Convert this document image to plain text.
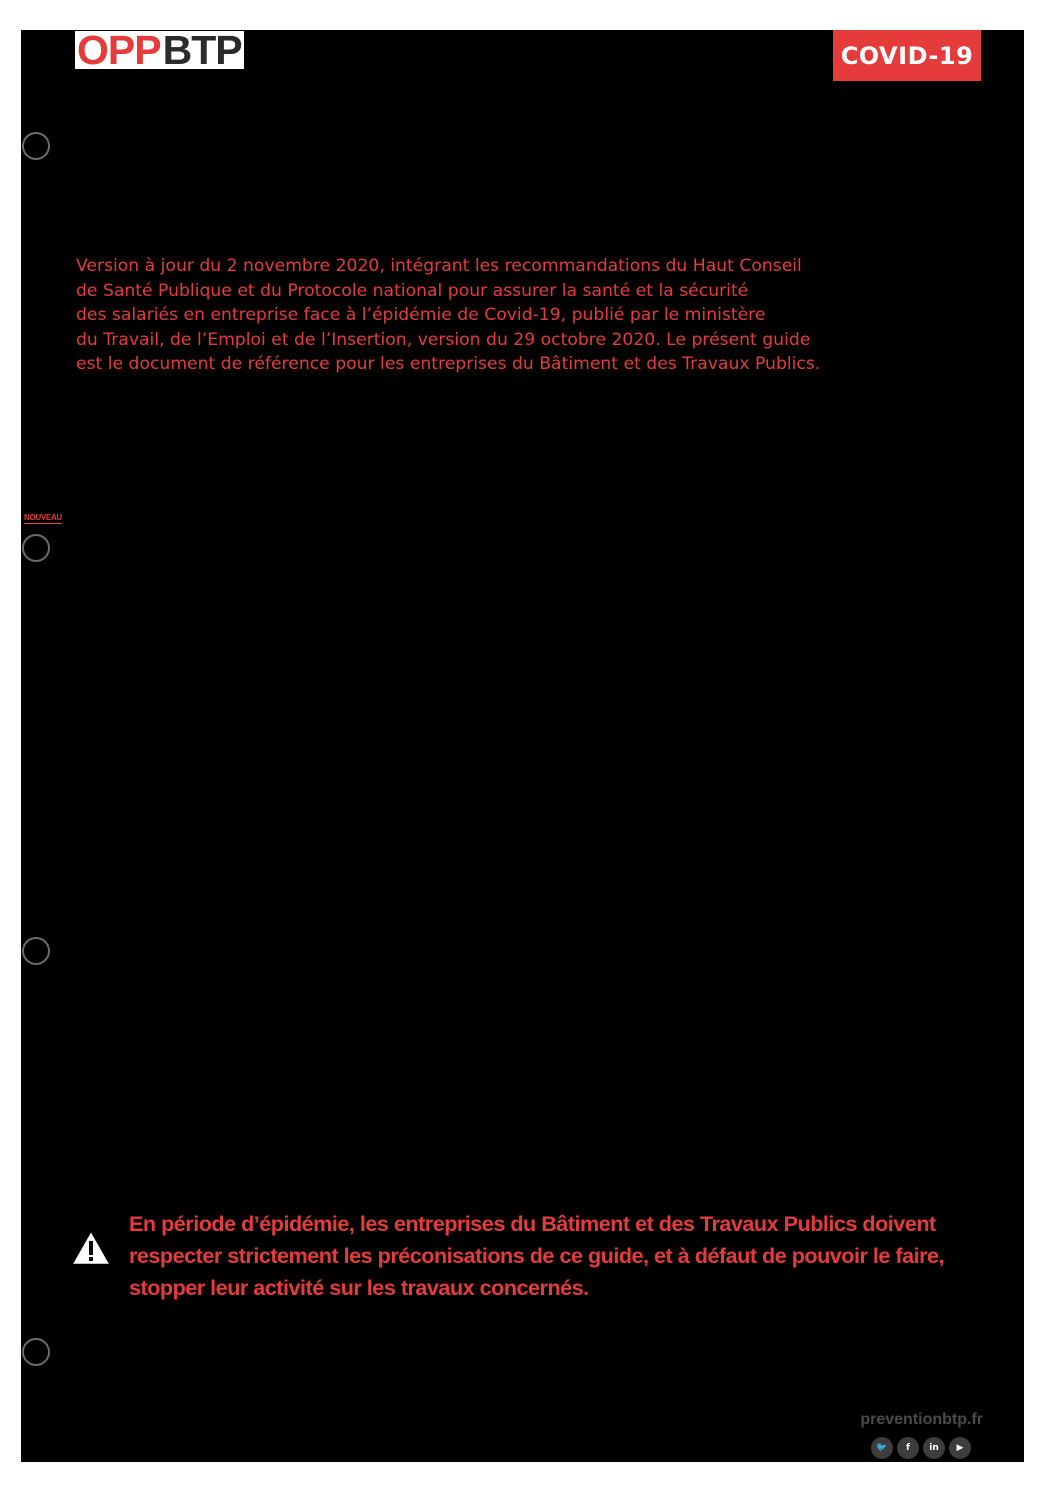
OPP BTP	COVID-19

Version à jour du 2 novembre 2020, intégrant les recommandations du Haut Conseil
de Santé Publique et du Protocole national pour assurer la santé et la sécurité
des salariés en entreprise face à l’épidémie de Covid-19, publié par le ministère
du Travail, de l’Emploi et de l’Insertion, version du 29 octobre 2020. Le présent guide
est le document de référence pour les entreprises du Bâtiment et des Travaux Publics.

NOUVEAU
En période d’épidémie, les entreprises du Bâtiment et des Travaux Publics doivent
respecter strictement les préconisations de ce guide, et à défaut de pouvoir le faire,
stopper leur activité sur les travaux concernés.
preventionbtp.fr
🐦	f	in	▶
